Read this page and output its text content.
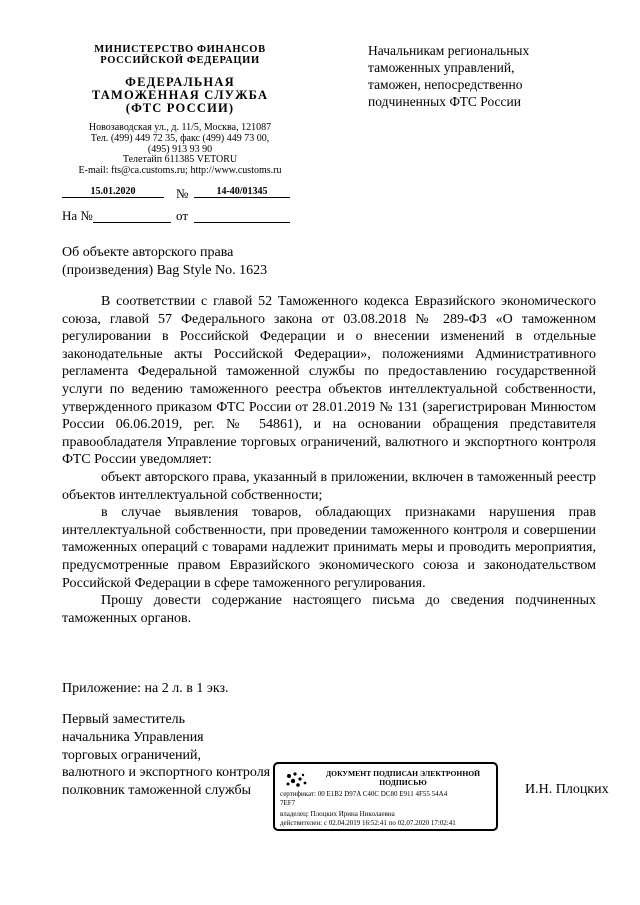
МИНИСТЕРСТВО ФИНАНСОВ
РОССИЙСКОЙ ФЕДЕРАЦИИ
ФЕДЕРАЛЬНАЯ
ТАМОЖЕННАЯ СЛУЖБА
(ФТС РОССИИ)
Новозаводская ул., д. 11/5, Москва, 121087
Тел. (499) 449 72 35, факс (499) 449 73 00,
(495) 913 93 90
Телетайп 611385 VETORU
E-mail: fts@ca.customs.ru; http://www.customs.ru
15.01.2020	№	14-40/01345
На №	от
Начальникам региональных
таможенных управлений,
таможен, непосредственно
подчиненных ФТС России
Об объекте авторского права
(произведения) Bag Style No. 1623

В соответствии с главой 52 Таможенного кодекса Евразийского экономического союза, главой 57 Федерального закона от 03.08.2018 № 289-ФЗ «О таможенном регулировании в Российской Федерации и о внесении изменений в отдельные законодательные акты Российской Федерации», положениями Административного регламента Федеральной таможенной службы по предоставлению государственной услуги по ведению таможенного реестра объектов интеллектуальной собственности, утвержденного приказом ФТС России от 28.01.2019 № 131 (зарегистрирован Минюстом России 06.06.2019, рег. № 54861), и на основании обращения представителя правообладателя Управление торговых ограничений, валютного и экспортного контроля ФТС России уведомляет:

объект авторского права, указанный в приложении, включен в таможенный реестр объектов интеллектуальной собственности;

в случае выявления товаров, обладающих признаками нарушения прав интеллектуальной собственности, при проведении таможенного контроля и совершении таможенных операций с товарами надлежит принимать меры и проводить мероприятия, предусмотренные правом Евразийского экономического союза и законодательством Российской Федерации в сфере таможенного регулирования.

Прошу довести содержание настоящего письма до сведения подчиненных таможенных органов.

Приложение: на 2 л. в 1 экз.
Первый заместитель
начальника Управления
торговых ограничений,
валютного и экспортного контроля
полковник таможенной службы
ДОКУМЕНТ ПОДПИСАН ЭЛЕКТРОННОЙ ПОДПИСЬЮ
сертификат: 00 E1B2 D97A C40C DC80 E911 4F55 54A4
7EF7
владелец: Плоцких Ирина Николаевна
действителен: с 02.04.2019 16:52:41 по 02.07.2020 17:02:41
И.Н. Плоцких
